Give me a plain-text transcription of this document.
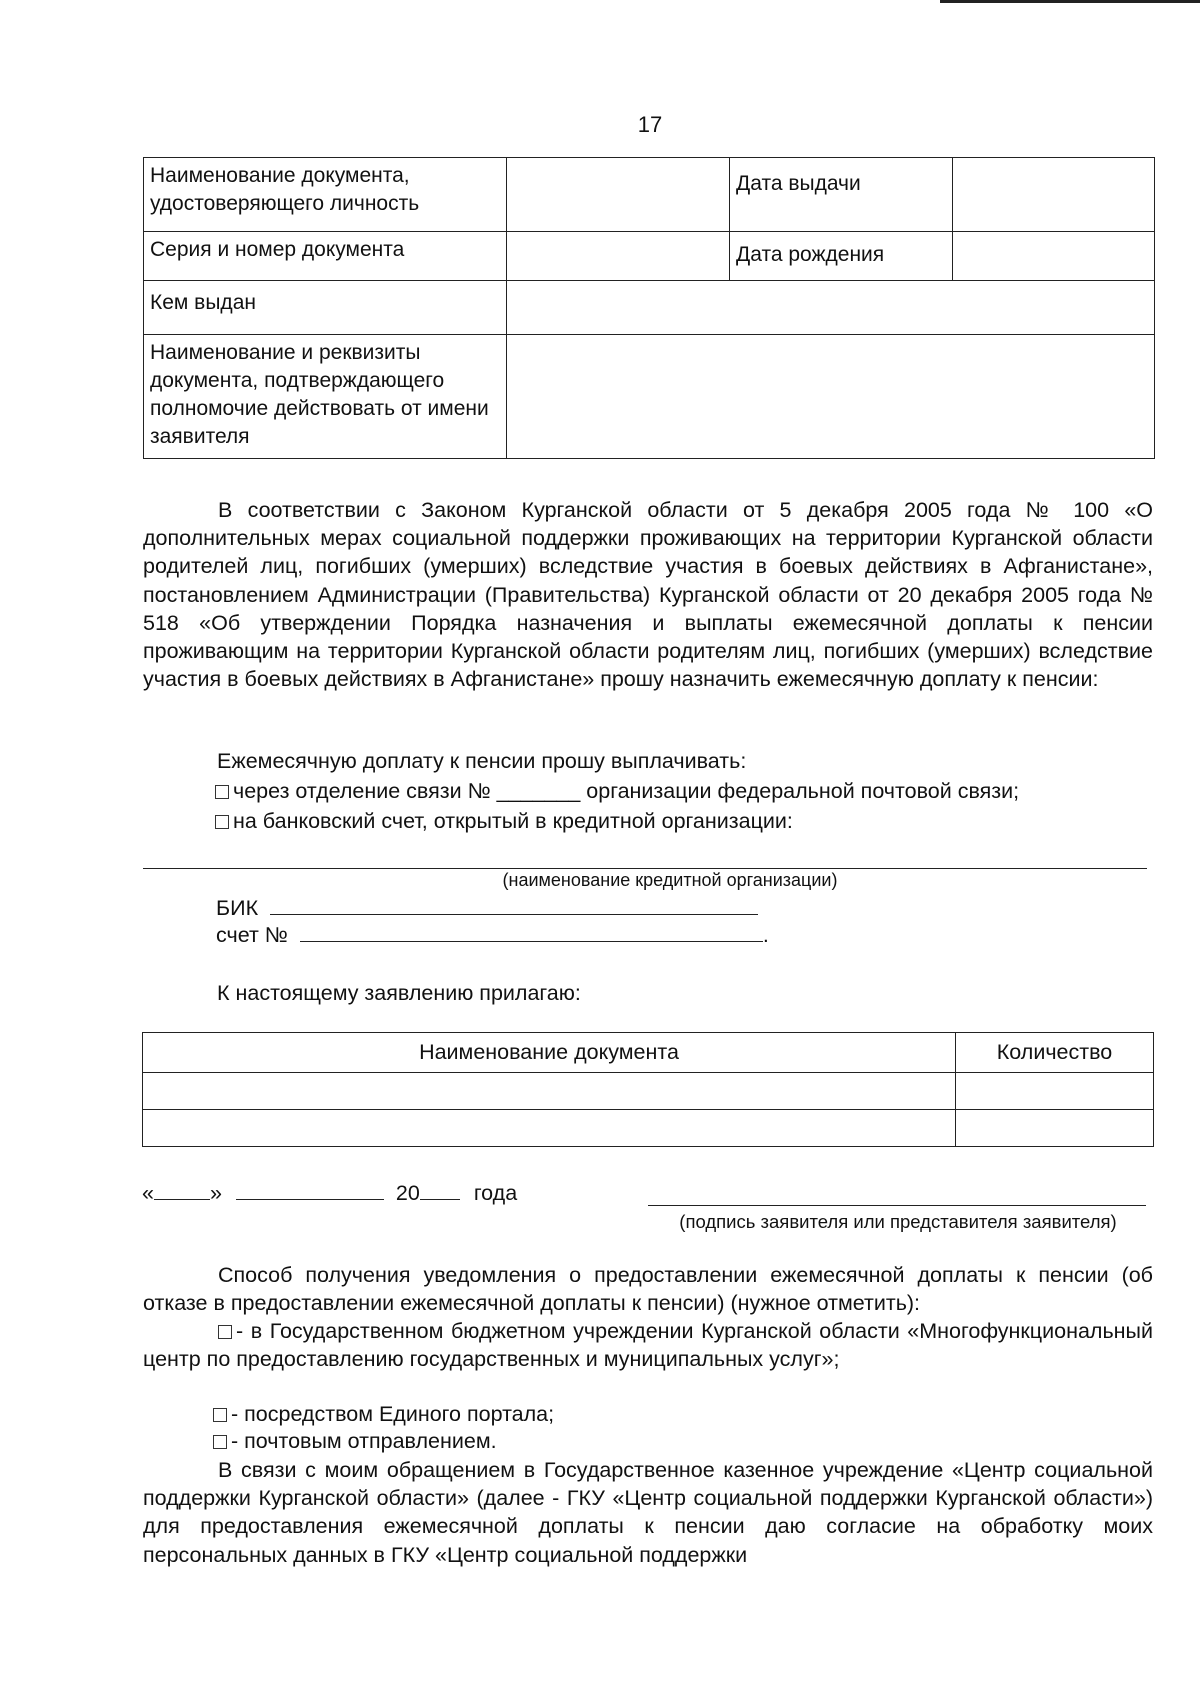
17
Наименование документа, удостоверяющего личность		Дата выдачи	
Серия и номер документа		Дата рождения	
Кем выдан			
Наименование и реквизиты документа, подтверждающего полномочие действовать от имени заявителя			
В соответствии с Законом Курганской области от 5 декабря 2005 года № 100 «О дополнительных мерах социальной поддержки проживающих на территории Курганской области родителей лиц, погибших (умерших) вследствие участия в боевых действиях в Афганистане», постановлением Администрации (Правительства) Курганской области от 20 декабря 2005 года № 518 «Об утверждении Порядка назначения и выплаты ежемесячной доплаты к пенсии проживающим на территории Курганской области родителям лиц, погибших (умерших) вследствие участия в боевых действиях в Афганистане» прошу назначить ежемесячную доплату к пенсии:
Ежемесячную доплату к пенсии прошу выплачивать:
через отделение связи № _______ организации федеральной почтовой связи;
на банковский счет, открытый в кредитной организации:
(наименование кредитной организации)
БИК
счет №	.
К настоящему заявлению прилагаю:
Наименование документа	Количество

«	»	20	года
(подпись заявителя или представителя заявителя)
Способ получения уведомления о предоставлении ежемесячной доплаты к пенсии (об отказе в предоставлении ежемесячной доплаты к пенсии) (нужное отметить):
- в Государственном бюджетном учреждении Курганской области «Многофункциональный центр по предоставлению государственных и муниципальных услуг»;
- посредством Единого портала;
- почтовым отправлением.
В связи с моим обращением в Государственное казенное учреждение «Центр социальной поддержки Курганской области» (далее - ГКУ «Центр социальной поддержки Курганской области») для предоставления ежемесячной доплаты к пенсии даю согласие на обработку моих персональных данных в ГКУ «Центр социальной поддержки
